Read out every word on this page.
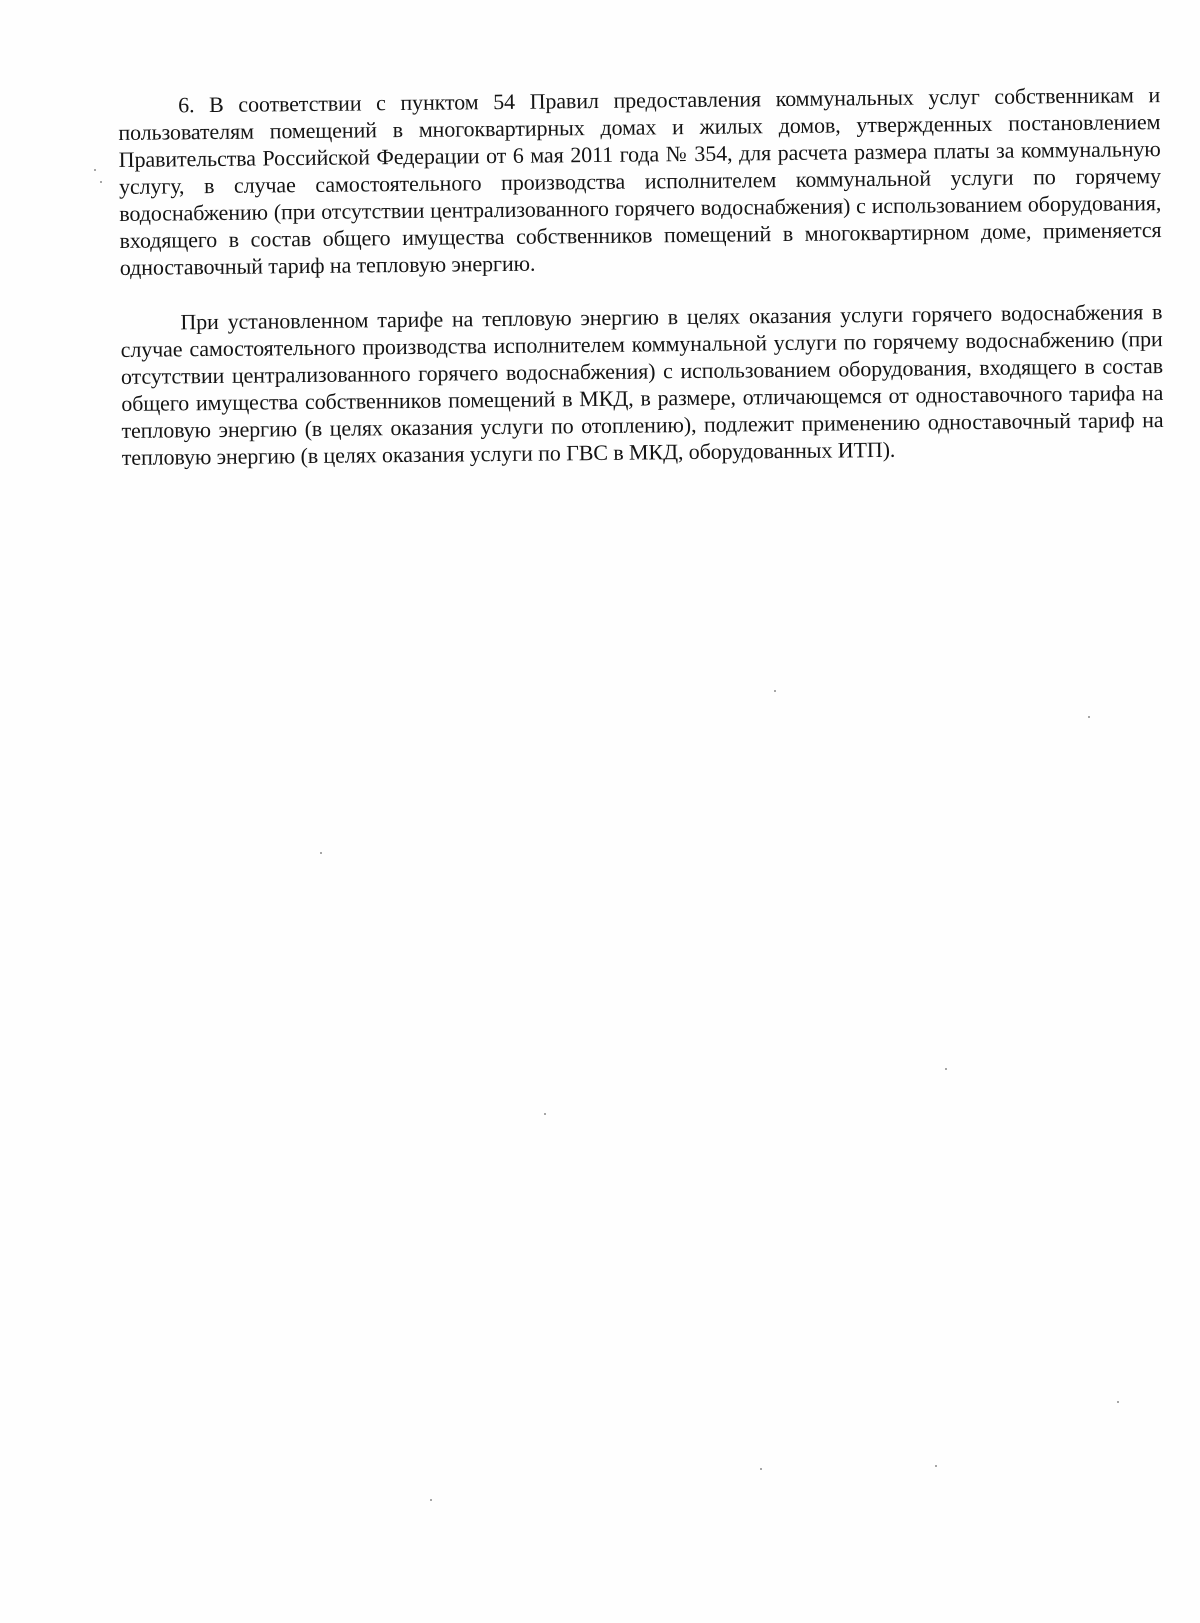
6. В соответствии с пунктом 54 Правил предоставления коммунальных услуг собственникам и пользователям помещений в многоквартирных домах и жилых домов, утвержденных постановлением Правительства Российской Федерации от 6 мая 2011 года № 354, для расчета размера платы за коммунальную услугу, в случае самостоятельного производства исполнителем коммунальной услуги по горячему водоснабжению (при отсутствии централизованного горячего водоснабжения) с использованием оборудования, входящего в состав общего имущества собственников помещений в многоквартирном доме, применяется одноставочный тариф на тепловую энергию.

При установленном тарифе на тепловую энергию в целях оказания услуги горячего водоснабжения в случае самостоятельного производства исполнителем коммунальной услуги по горячему водоснабжению (при отсутствии централизованного горячего водоснабжения) с использованием оборудования, входящего в состав общего имущества собственников помещений в МКД, в размере, отличающемся от одноставочного тарифа на тепловую энергию (в целях оказания услуги по отоплению), подлежит применению одноставочный тариф на тепловую энергию (в целях оказания услуги по ГВС в МКД, оборудованных ИТП).
